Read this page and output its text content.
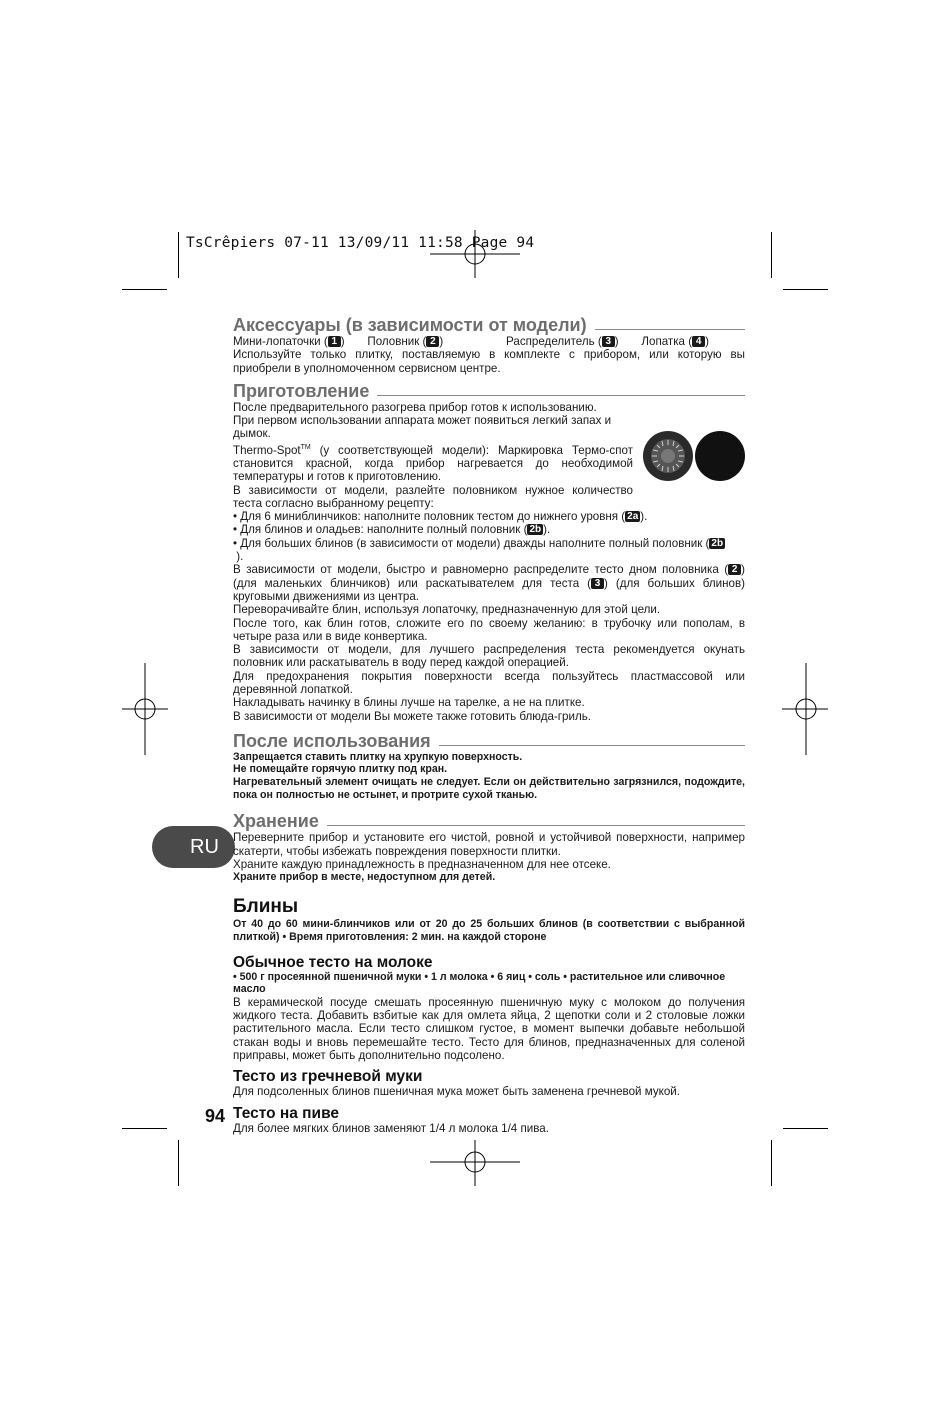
TsCrêpiers 07-11 13/09/11 11:58 Page 94
RU
94
Аксессуары (в зависимости от модели)
Мини-лопаточки ( 1 ) Половник ( 2 )	Распределитель ( 3 ) Лопатка ( 4 )

Используйте только плитку, поставляемую в комплекте с прибором, или которую вы приобрели в уполномоченном сервисном центре.

Приготовление

После предварительного разогрева прибор готов к использованию.

При первом использовании аппарата может появиться легкий запах и дымок.

Thermo-Spot™ (у соответствующей модели): Маркировка Термо-спот становится красной, когда прибор нагревается до необходимой температуры и готов к приготовлению.

В зависимости от модели, разлейте половником нужное количество теста согласно выбранному рецепту:

• Для 6 миниблинчиков: наполните половник тестом до нижнего уровня ( 2a ).

• Для блинов и оладьев: наполните полный половник ( 2b ).

• Для больших блинов (в зависимости от модели) дважды наполните полный половник ( 2b
).

В зависимости от модели, быстро и равномерно распределите тесто дном половника ( 2 ) (для маленьких блинчиков) или раскатывателем для теста ( 3 ) (для больших блинов) круговыми движениями из центра.

Переворачивайте блин, используя лопаточку, предназначенную для этой цели.

После того, как блин готов, сложите его по своему желанию: в трубочку или пополам, в четыре раза или в виде конвертика.

В зависимости от модели, для лучшего распределения теста рекомендуется окунать половник или раскатыватель в воду перед каждой операцией.

Для предохранения покрытия поверхности всегда пользуйтесь пластмассовой или деревянной лопаткой.

Накладывать начинку в блины лучше на тарелке, а не на плитке.

В зависимости от модели Вы можете также готовить блюда-гриль.

После использования

Запрещается ставить плитку на хрупкую поверхность.

Не помещайте горячую плитку под кран.

Нагревательный элемент очищать не следует. Если он действительно загрязнился, подождите, пока он полностью не остынет, и протрите сухой тканью.

Хранение

Переверните прибор и установите его чистой, ровной и устойчивой поверхности, например скатерти, чтобы избежать повреждения поверхности плитки.

Храните каждую принадлежность в предназначенном для нее отсеке.

Храните прибор в месте, недоступном для детей.

Блины

От 40 до 60 мини-блинчиков или от 20 до 25 больших блинов (в соответствии с выбранной плиткой) • Время приготовления: 2 мин. на каждой стороне

Обычное тесто на молоке

• 500 г просеянной пшеничной муки • 1 л молока • 6 яиц • соль • растительное или сливочное масло

В керамической посуде смешать просеянную пшеничную муку с молоком до получения жидкого теста. Добавить взбитые как для омлета яйца, 2 щепотки соли и 2 столовые ложки растительного масла. Если тесто слишком густое, в момент выпечки добавьте небольшой стакан воды и вновь перемешайте тесто. Тесто для блинов, предназначенных для соленой приправы, может быть дополнительно подсолено.

Тесто из гречневой муки

Для подсоленных блинов пшеничная мука может быть заменена гречневой мукой.

Тесто на пиве

Для более мягких блинов заменяют 1/4 л молока 1/4 пива.
